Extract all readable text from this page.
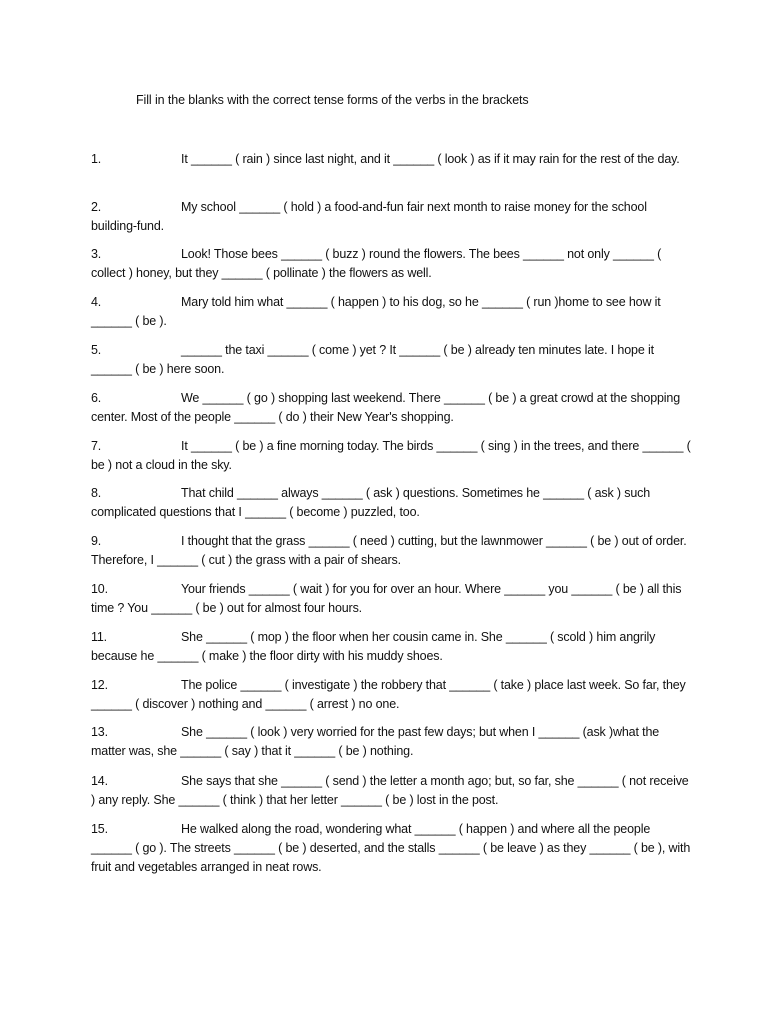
Fill in the blanks with the correct tense forms of the verbs in the brackets
1.	It ______ ( rain ) since last night, and it ______ ( look ) as if it may rain for the rest of the day.
2.	My school ______ ( hold ) a food-and-fun fair next month to raise money for the school building-fund.
3.	Look! Those bees ______ ( buzz ) round the flowers. The bees ______ not only ______ ( collect ) honey, but they ______ ( pollinate ) the flowers as well.
4.	Mary told him what ______ ( happen ) to his dog, so he ______ ( run )home to see how it ______ ( be ).
5.	______ the taxi ______ ( come ) yet ? It ______ ( be ) already ten minutes late. I hope it ______ ( be ) here soon.
6.	We ______ ( go ) shopping last weekend. There ______ ( be ) a great crowd at the shopping center. Most of the people ______ ( do ) their New Year's shopping.
7.	It ______ ( be ) a fine morning today. The birds ______ ( sing ) in the trees, and there ______ ( be ) not a cloud in the sky.
8.	That child ______ always ______ ( ask ) questions. Sometimes he ______ ( ask ) such complicated questions that I ______ ( become ) puzzled, too.
9.	I thought that the grass ______ ( need ) cutting, but the lawnmower ______ ( be ) out of order. Therefore, I ______ ( cut ) the grass with a pair of shears.
10.	Your friends ______ ( wait ) for you for over an hour. Where ______ you ______ ( be ) all this time ? You ______ ( be ) out for almost four hours.
11.	She ______ ( mop ) the floor when her cousin came in. She ______ ( scold ) him angrily because he ______ ( make ) the floor dirty with his muddy shoes.
12.	The police ______ ( investigate ) the robbery that ______ ( take ) place last week. So far, they ______ ( discover ) nothing and ______ ( arrest ) no one.
13.	She ______ ( look ) very worried for the past few days; but when I ______ (ask )what the matter was, she ______ ( say ) that it ______ ( be ) nothing.
14.	She says that she ______ ( send ) the letter a month ago; but, so far, she ______ ( not receive ) any reply. She ______ ( think ) that her letter ______ ( be ) lost in the post.
15.	He walked along the road, wondering what ______ ( happen ) and where all the people ______ ( go ). The streets ______ ( be ) deserted, and the stalls ______ ( be leave ) as they ______ ( be ), with fruit and vegetables arranged in neat rows.
